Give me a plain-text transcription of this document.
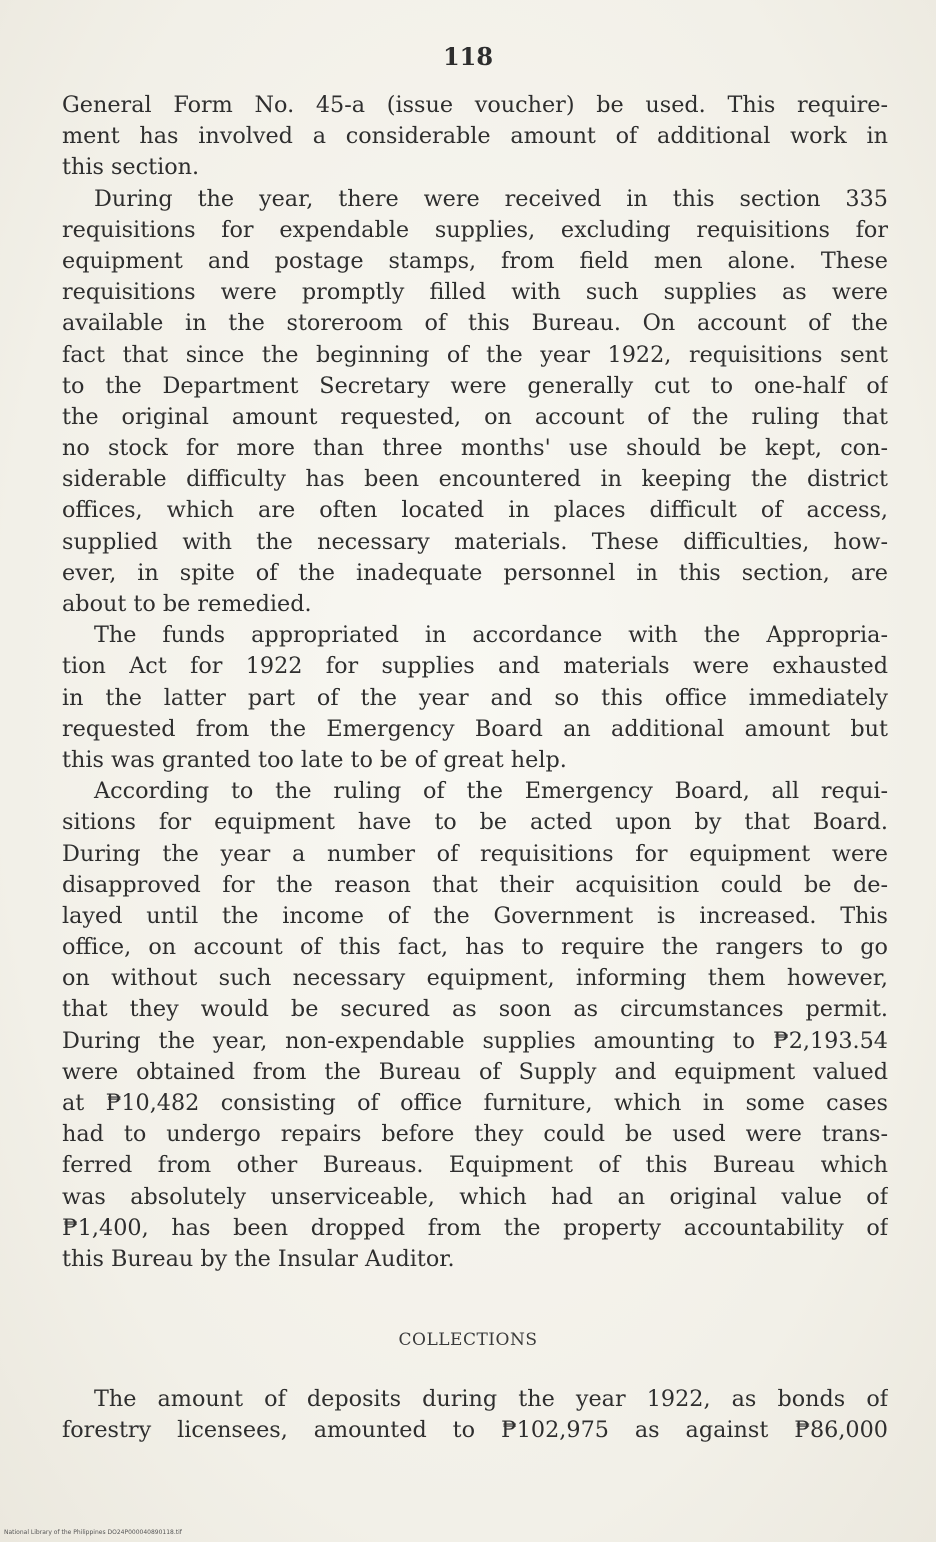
118
General Form No. 45-a (issue voucher) be used. This require-
ment has involved a considerable amount of additional work in
this section.
During the year, there were received in this section 335
requisitions for expendable supplies, excluding requisitions for
equipment and postage stamps, from field men alone. These
requisitions were promptly filled with such supplies as were
available in the storeroom of this Bureau. On account of the
fact that since the beginning of the year 1922, requisitions sent
to the Department Secretary were generally cut to one-half of
the original amount requested, on account of the ruling that
no stock for more than three months' use should be kept, con-
siderable difficulty has been encountered in keeping the district
offices, which are often located in places difficult of access,
supplied with the necessary materials. These difficulties, how-
ever, in spite of the inadequate personnel in this section, are
about to be remedied.
The funds appropriated in accordance with the Appropria-
tion Act for 1922 for supplies and materials were exhausted
in the latter part of the year and so this office immediately
requested from the Emergency Board an additional amount but
this was granted too late to be of great help.
According to the ruling of the Emergency Board, all requi-
sitions for equipment have to be acted upon by that Board.
During the year a number of requisitions for equipment were
disapproved for the reason that their acquisition could be de-
layed until the income of the Government is increased. This
office, on account of this fact, has to require the rangers to go
on without such necessary equipment, informing them however,
that they would be secured as soon as circumstances permit.
During the year, non-expendable supplies amounting to ₱2,193.54
were obtained from the Bureau of Supply and equipment valued
at ₱10,482 consisting of office furniture, which in some cases
had to undergo repairs before they could be used were trans-
ferred from other Bureaus. Equipment of this Bureau which
was absolutely unserviceable, which had an original value of
₱1,400, has been dropped from the property accountability of
this Bureau by the Insular Auditor.
COLLECTIONS
The amount of deposits during the year 1922, as bonds of
forestry licensees, amounted to ₱102,975 as against ₱86,000
National Library of the Philippines DO24P000040890118.tif
